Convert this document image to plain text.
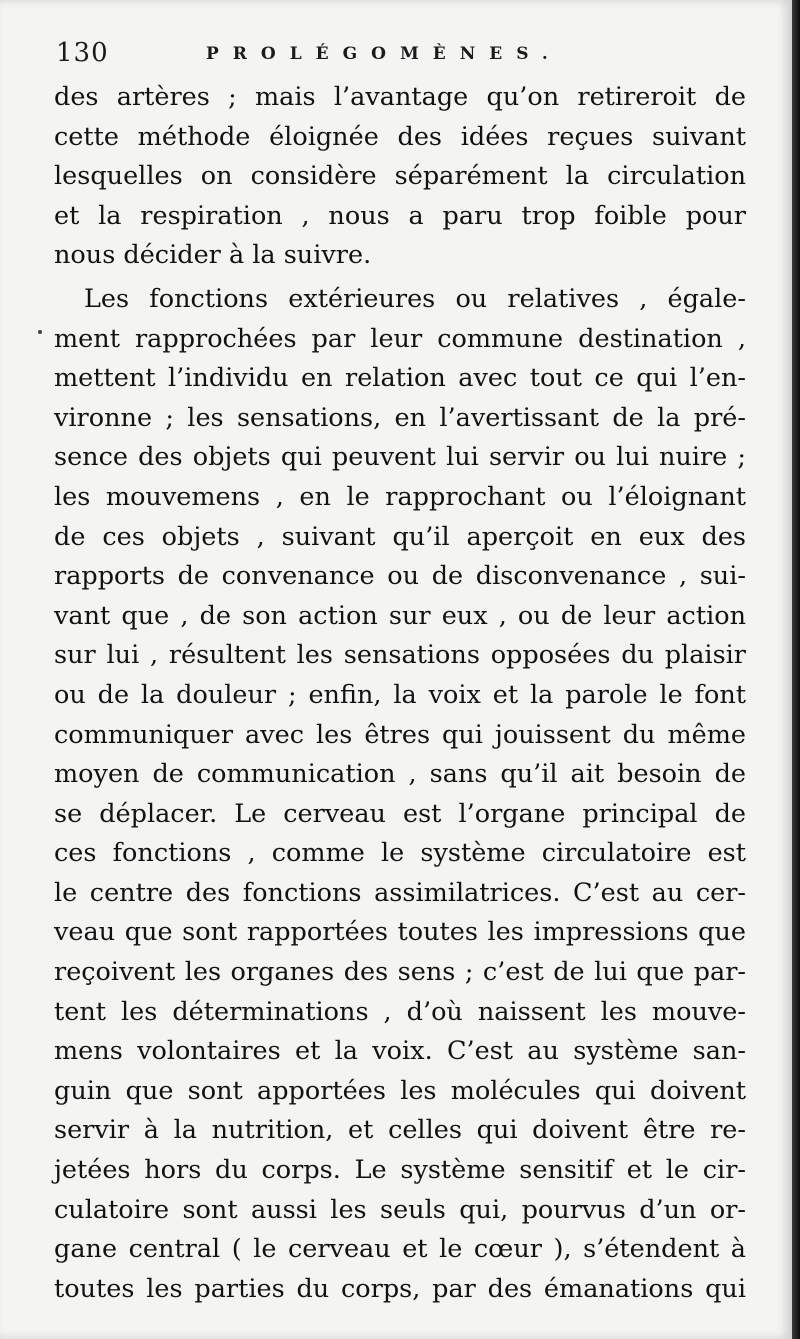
130	PROLÉGOMÈNES.
des artères ; mais l’avantage qu’on retireroit de
cette méthode éloignée des idées reçues suivant
lesquelles on considère séparément la circulation
et la respiration , nous a paru trop foible pour
nous décider à la suivre.
Les fonctions extérieures ou relatives , égale-
ment rapprochées par leur commune destination ,
mettent l’individu en relation avec tout ce qui l’en-
vironne ; les sensations, en l’avertissant de la pré-
sence des objets qui peuvent lui servir ou lui nuire ;
les mouvemens , en le rapprochant ou l’éloignant
de ces objets , suivant qu’il aperçoit en eux des
rapports de convenance ou de disconvenance , sui-
vant que , de son action sur eux , ou de leur action
sur lui , résultent les sensations opposées du plaisir
ou de la douleur ; enfin, la voix et la parole le font
communiquer avec les êtres qui jouissent du même
moyen de communication , sans qu’il ait besoin de
se déplacer. Le cerveau est l’organe principal de
ces fonctions , comme le système circulatoire est
le centre des fonctions assimilatrices. C’est au cer-
veau que sont rapportées toutes les impressions que
reçoivent les organes des sens ; c’est de lui que par-
tent les déterminations , d’où naissent les mouve-
mens volontaires et la voix. C’est au système san-
guin que sont apportées les molécules qui doivent
servir à la nutrition, et celles qui doivent être re-
jetées hors du corps. Le système sensitif et le cir-
culatoire sont aussi les seuls qui, pourvus d’un or-
gane central ( le cerveau et le cœur ), s’étendent à
toutes les parties du corps, par des émanations qui
